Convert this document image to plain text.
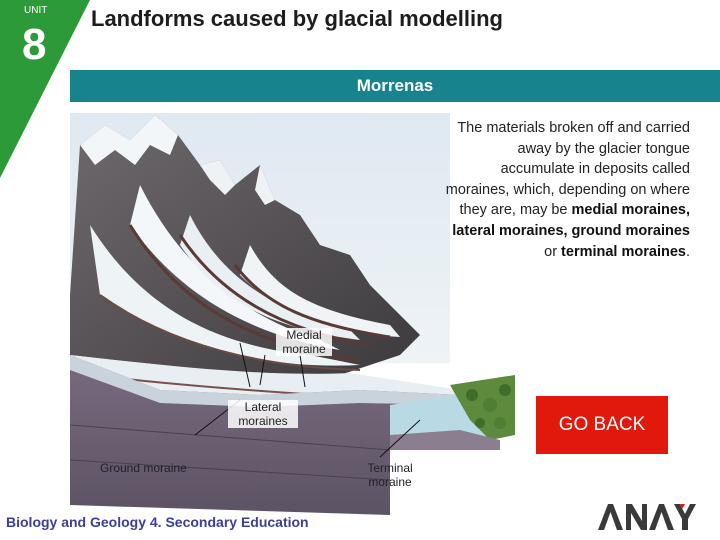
UNIT
8
Landforms caused by glacial modelling
Morrenas
The materials broken off and carried away by the glacier tongue accumulate in deposits called moraines, which, depending on where they are, may be medial moraines, lateral moraines, ground moraines or terminal moraines.
Medial moraine
Lateral moraines
Ground moraine	Terminal moraine
GO BACK
Biology and Geology 4. Secondary Education
